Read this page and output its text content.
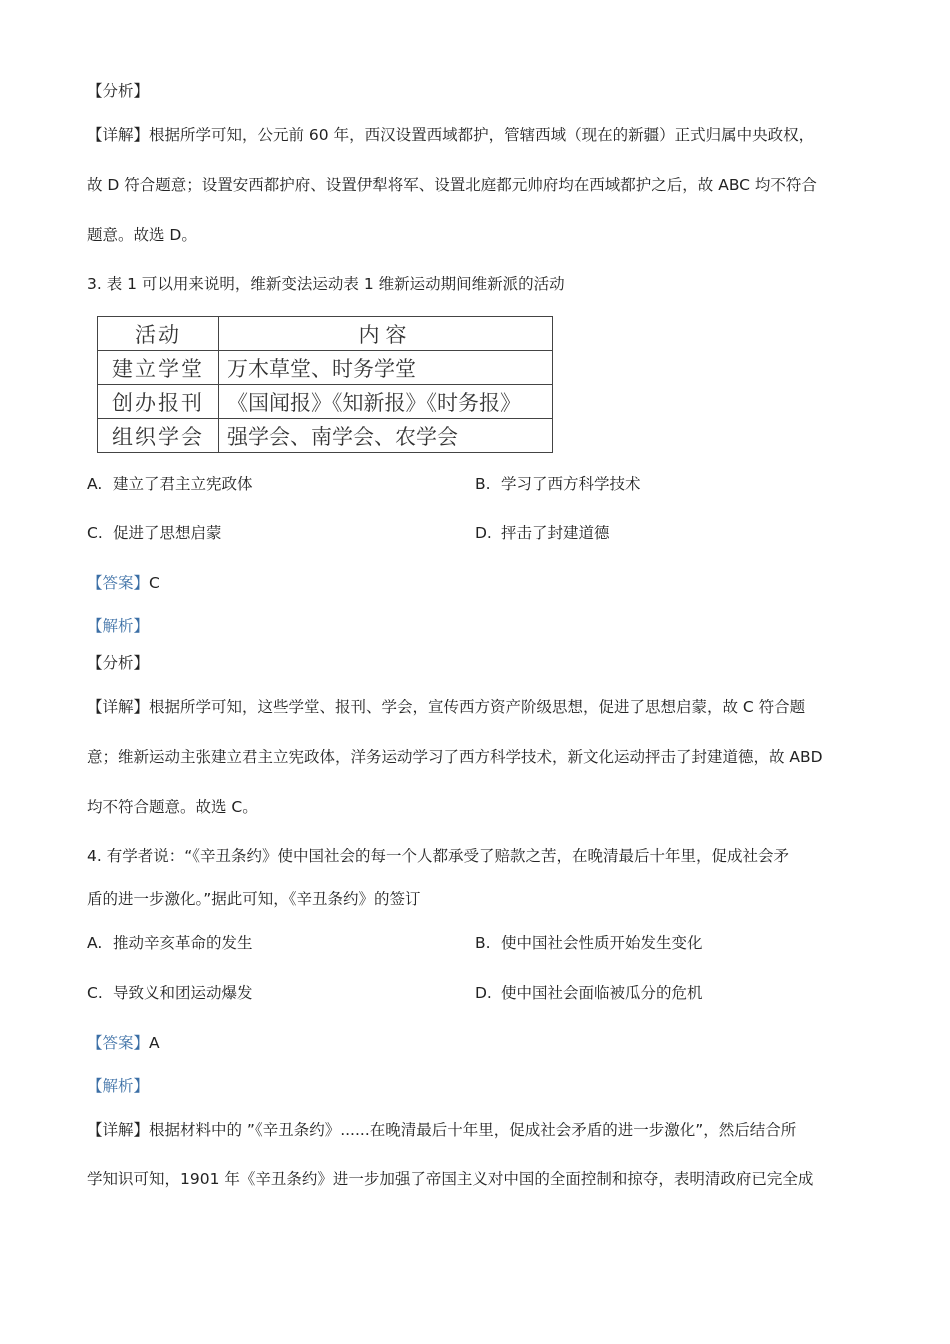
【分析】
【详解】根据所学可知，公元前 60 年，西汉设置西域都护，管辖西域（现在的新疆）正式归属中央政权，
故 D 符合题意；设置安西都护府、设置伊犁将军、设置北庭都元帅府均在西域都护之后，故 ABC 均不符合
题意。故选 D。
3. 表 1 可以用来说明，维新变法运动表 1 维新运动期间维新派的活动
活动	内容
建立学堂	万木草堂、时务学堂
创办报刊	《国闻报》《知新报》《时务报》
组织学会	强学会、南学会、农学会
A. 建立了君主立宪政体	B. 学习了西方科学技术
C. 促进了思想启蒙	D. 抨击了封建道德
【答案】C
【解析】
【分析】
【详解】根据所学可知，这些学堂、报刊、学会，宣传西方资产阶级思想，促进了思想启蒙，故 C 符合题
意；维新运动主张建立君主立宪政体，洋务运动学习了西方科学技术，新文化运动抨击了封建道德，故 ABD
均不符合题意。故选 C。
4. 有学者说：“《辛丑条约》使中国社会的每一个人都承受了赔款之苦，在晚清最后十年里，促成社会矛
盾的进一步激化。”据此可知，《辛丑条约》的签订
A. 推动辛亥革命的发生	B. 使中国社会性质开始发生变化
C. 导致义和团运动爆发	D. 使中国社会面临被瓜分的危机
【答案】A
【解析】
【详解】根据材料中的 ”《辛丑条约》......在晚清最后十年里，促成社会矛盾的进一步激化”，然后结合所
学知识可知，1901 年《辛丑条约》进一步加强了帝国主义对中国的全面控制和掠夺，表明清政府已完全成
